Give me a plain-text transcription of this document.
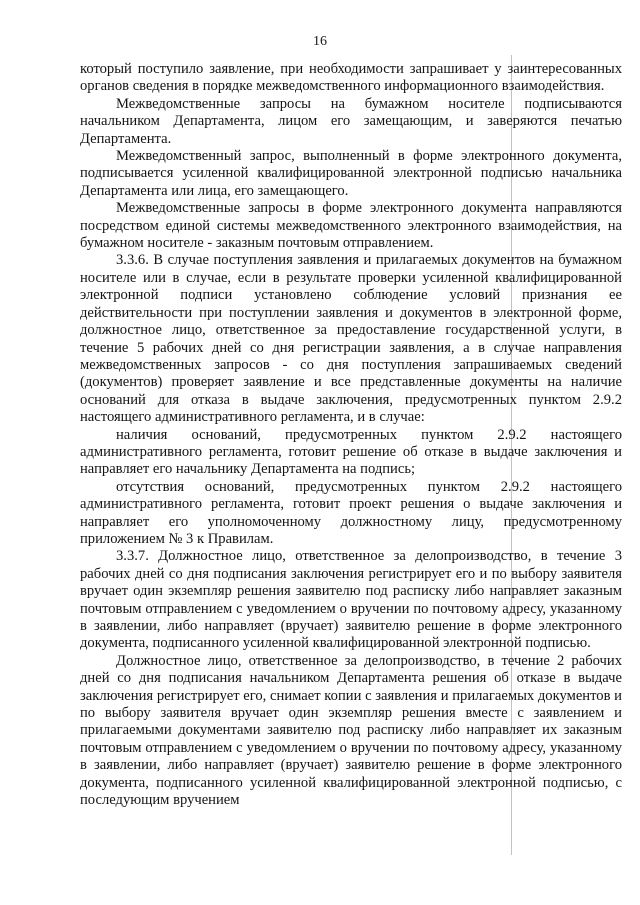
16

который поступило заявление, при необходимости запрашивает у заинтересованных органов сведения в порядке межведомственного информационного взаимодействия.

Межведомственные запросы на бумажном носителе подписываются начальником Департамента, лицом его замещающим, и заверяются печатью Департамента.

Межведомственный запрос, выполненный в форме электронного документа, подписывается усиленной квалифицированной электронной подписью начальника Департамента или лица, его замещающего.

Межведомственные запросы в форме электронного документа направляются посредством единой системы межведомственного электронного взаимодействия, на бумажном носителе - заказным почтовым отправлением.

3.3.6. В случае поступления заявления и прилагаемых документов на бумажном носителе или в случае, если в результате проверки усиленной квалифицированной электронной подписи установлено соблюдение условий признания ее действительности при поступлении заявления и документов в электронной форме, должностное лицо, ответственное за предоставление государственной услуги, в течение 5 рабочих дней со дня регистрации заявления, а в случае направления межведомственных запросов - со дня поступления запрашиваемых сведений (документов) проверяет заявление и все представленные документы на наличие оснований для отказа в выдаче заключения, предусмотренных пунктом 2.9.2 настоящего административного регламента, и в случае:

наличия оснований, предусмотренных пунктом 2.9.2 настоящего административного регламента, готовит решение об отказе в выдаче заключения и направляет его начальнику Департамента на подпись;

отсутствия оснований, предусмотренных пунктом 2.9.2 настоящего административного регламента, готовит проект решения о выдаче заключения и направляет его уполномоченному должностному лицу, предусмотренному приложением № 3 к Правилам.

3.3.7. Должностное лицо, ответственное за делопроизводство, в течение 3 рабочих дней со дня подписания заключения регистрирует его и по выбору заявителя вручает один экземпляр решения заявителю под расписку либо направляет заказным почтовым отправлением с уведомлением о вручении по почтовому адресу, указанному в заявлении, либо направляет (вручает) заявителю решение в форме электронного документа, подписанного усиленной квалифицированной электронной подписью.

Должностное лицо, ответственное за делопроизводство, в течение 2 рабочих дней со дня подписания начальником Департамента решения об отказе в выдаче заключения регистрирует его, снимает копии с заявления и прилагаемых документов и по выбору заявителя вручает один экземпляр решения вместе с заявлением и прилагаемыми документами заявителю под расписку либо направляет их заказным почтовым отправлением с уведомлением о вручении по почтовому адресу, указанному в заявлении, либо направляет (вручает) заявителю решение в форме электронного документа, подписанного усиленной квалифицированной электронной подписью, с последующим вручением
